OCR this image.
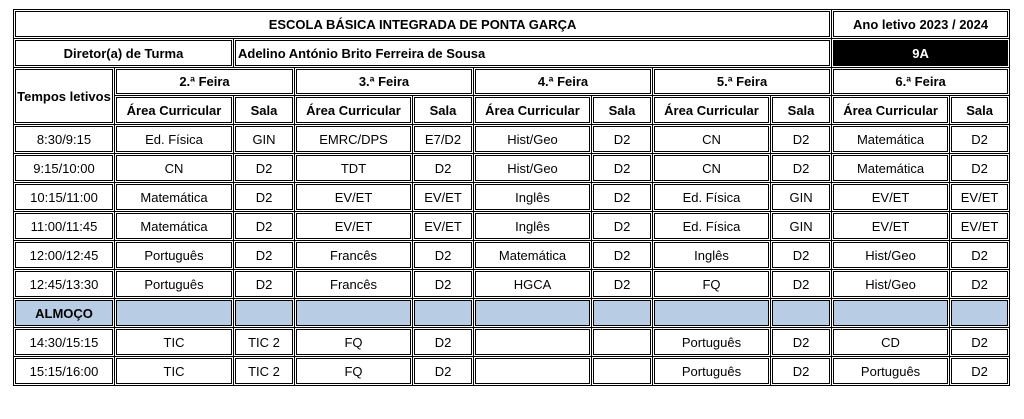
ESCOLA BÁSICA INTEGRADA DE PONTA GARÇA									Ano letivo 2023 / 2024	
Diretor(a) de Turma		Adelino António Brito Ferreira de Sousa							9A	
Tempos letivos	2.ª Feira		3.ª Feira		4.ª Feira		5.ª Feira		6.ª Feira	
	Área Curricular	Sala	Área Curricular	Sala	Área Curricular	Sala	Área Curricular	Sala	Área Curricular	Sala
8:30/9:15	Ed. Física	GIN	EMRC/DPS	E7/D2	Hist/Geo	D2	CN	D2	Matemática	D2
9:15/10:00	CN	D2	TDT	D2	Hist/Geo	D2	CN	D2	Matemática	D2
10:15/11:00	Matemática	D2	EV/ET	EV/ET	Inglês	D2	Ed. Física	GIN	EV/ET	EV/ET
11:00/11:45	Matemática	D2	EV/ET	EV/ET	Inglês	D2	Ed. Física	GIN	EV/ET	EV/ET
12:00/12:45	Português	D2	Francês	D2	Matemática	D2	Inglês	D2	Hist/Geo	D2
12:45/13:30	Português	D2	Francês	D2	HGCA	D2	FQ	D2	Hist/Geo	D2
ALMOÇO										
14:30/15:15	TIC	TIC 2	FQ	D2			Português	D2	CD	D2
15:15/16:00	TIC	TIC 2	FQ	D2			Português	D2	Português	D2
